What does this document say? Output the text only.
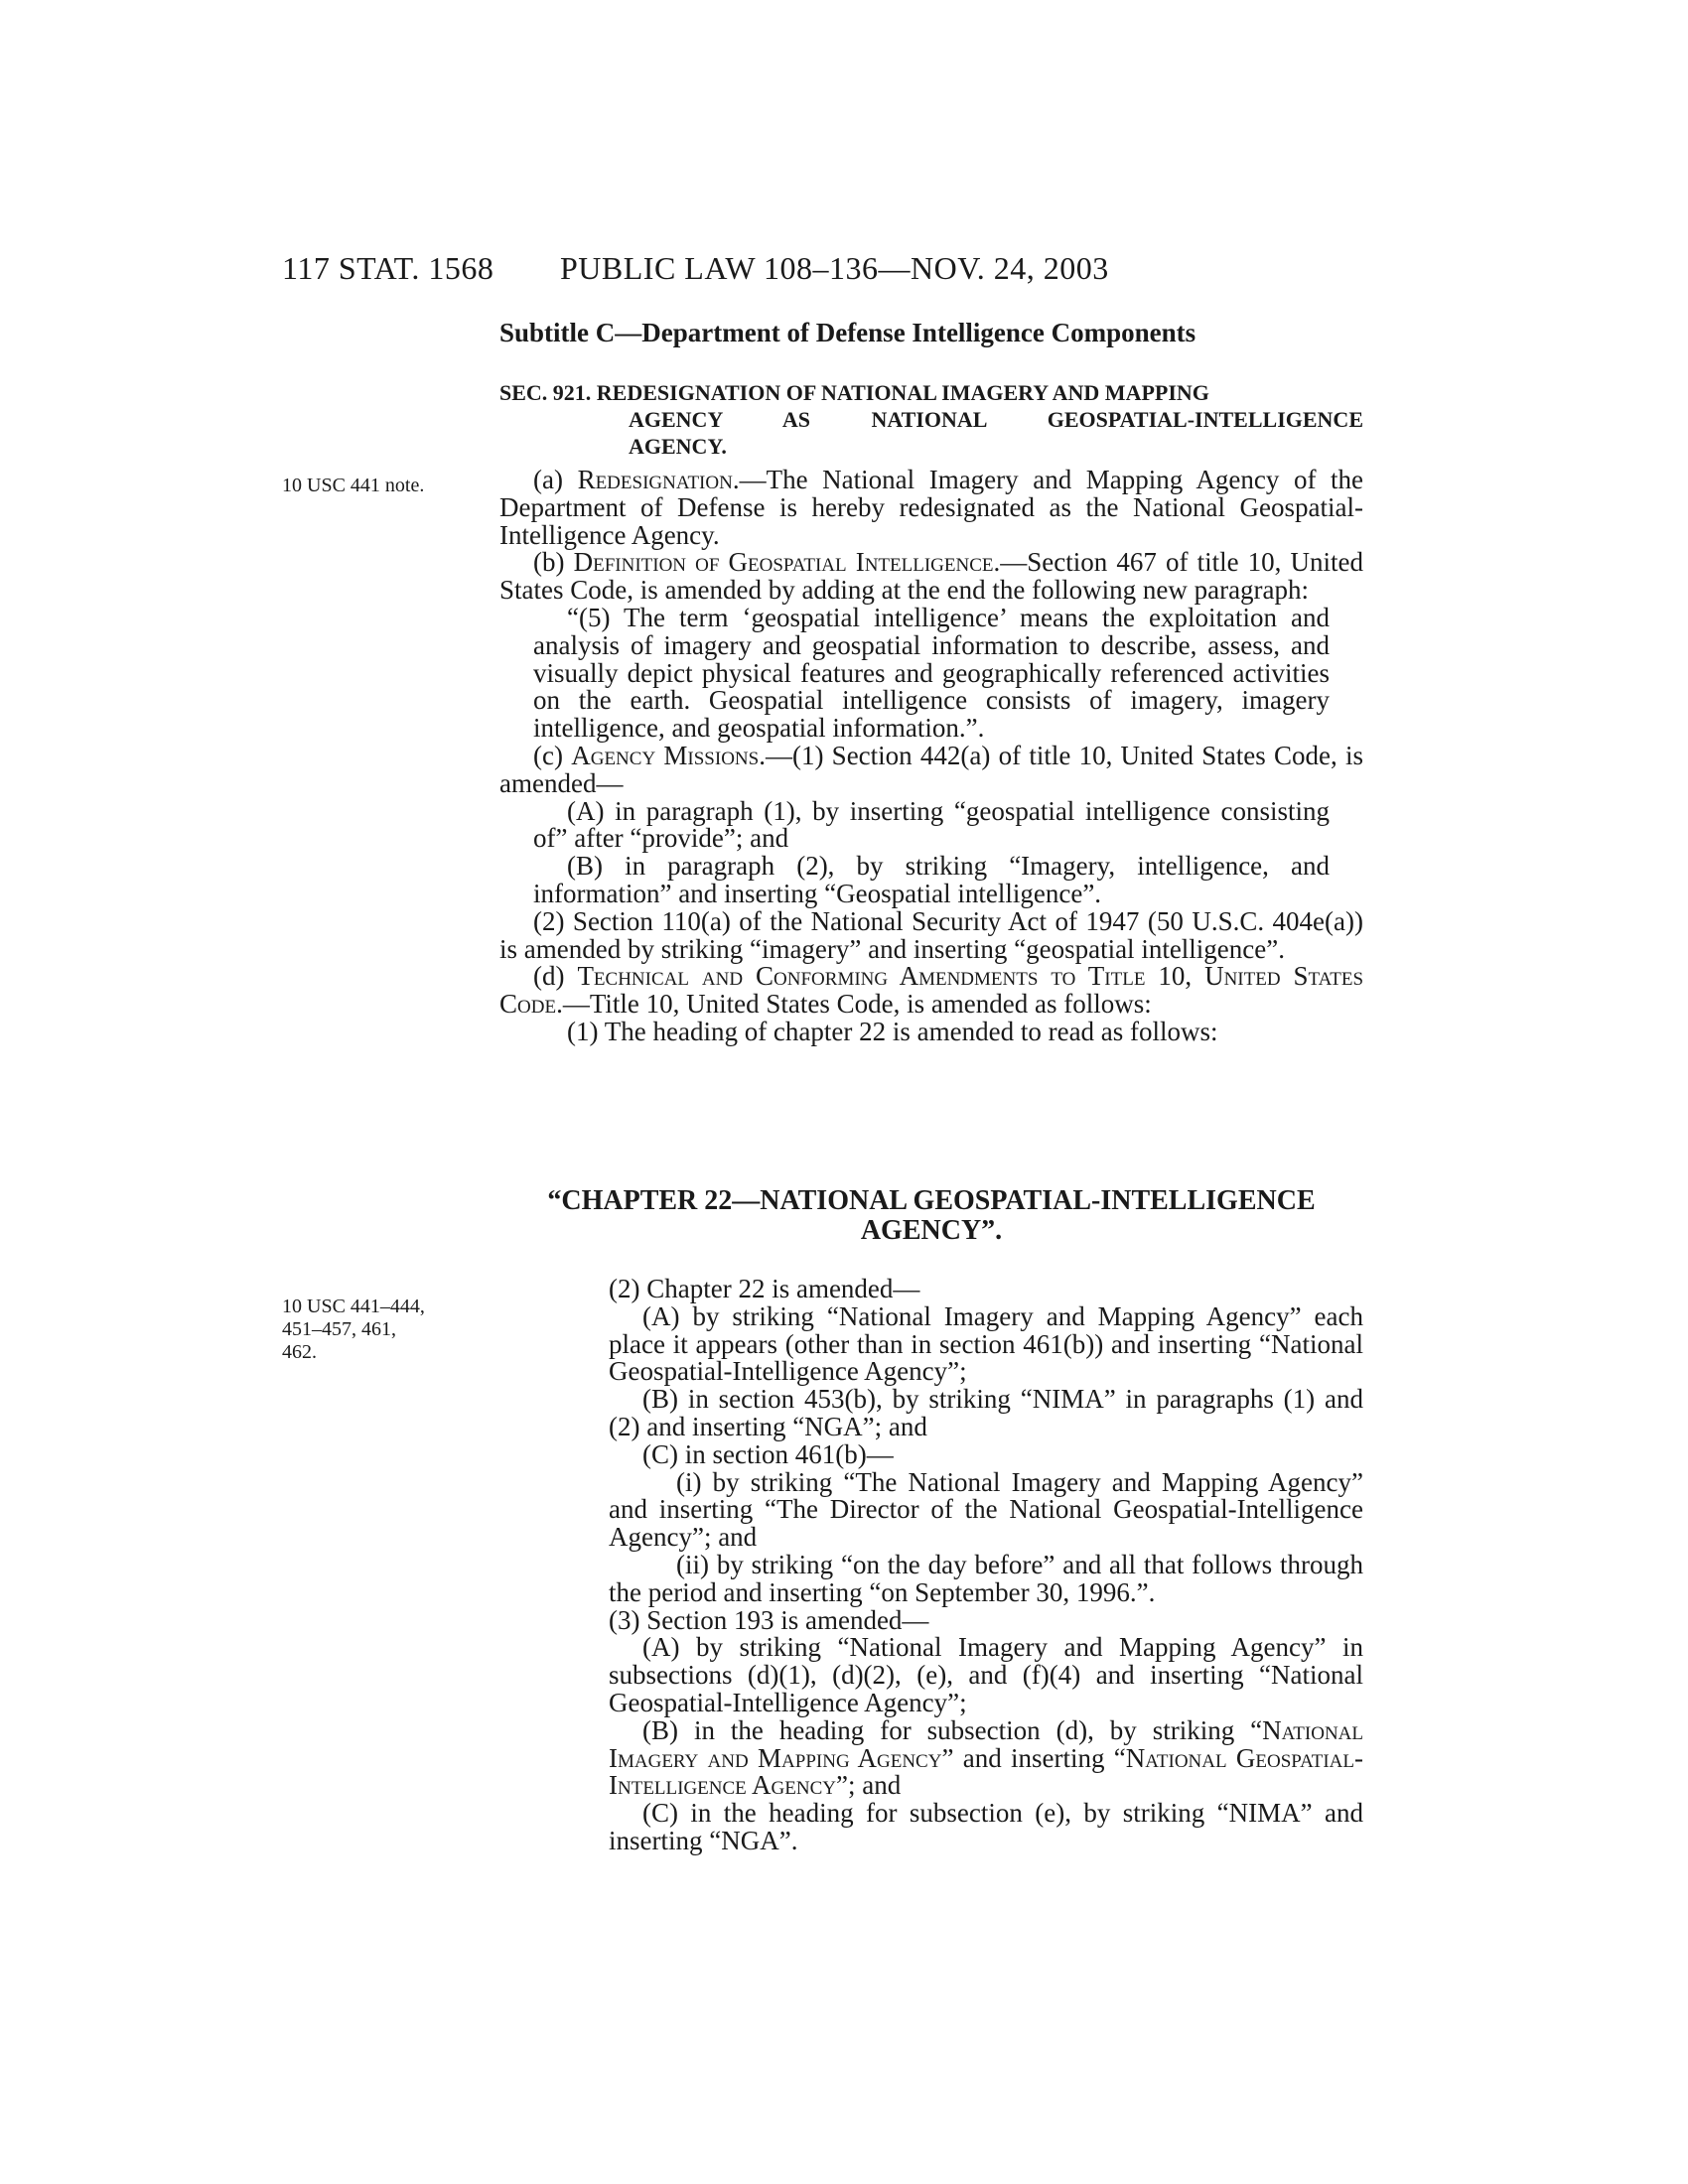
117 STAT. 1568 PUBLIC LAW 108–136—NOV. 24, 2003
Subtitle C—Department of Defense Intelligence Components
SEC. 921. REDESIGNATION OF NATIONAL IMAGERY AND MAPPING
AGENCY AS NATIONAL GEOSPATIAL-INTELLIGENCE
AGENCY.
10 USC 441 note.	(a) Redesignation.—The National Imagery and Mapping Agency of the Department of Defense is hereby redesignated as the National Geospatial-Intelligence Agency.

(b) Definition of Geospatial Intelligence.—Section 467 of title 10, United States Code, is amended by adding at the end the following new paragraph:

“(5) The term ‘geospatial intelligence’ means the exploitation and analysis of imagery and geospatial information to describe, assess, and visually depict physical features and geographically referenced activities on the earth. Geospatial intelligence consists of imagery, imagery intelligence, and geospatial information.”.

(c) Agency Missions.—(1) Section 442(a) of title 10, United States Code, is amended—

(A) in paragraph (1), by inserting “geospatial intelligence consisting of” after “provide”; and

(B) in paragraph (2), by striking “Imagery, intelligence, and information” and inserting “Geospatial intelligence”.

(2) Section 110(a) of the National Security Act of 1947 (50 U.S.C. 404e(a)) is amended by striking “imagery” and inserting “geospatial intelligence”.

(d) Technical and Conforming Amendments to Title 10, United States Code.—Title 10, United States Code, is amended as follows:

(1) The heading of chapter 22 is amended to read as follows:

“CHAPTER 22—NATIONAL GEOSPATIAL-INTELLIGENCE
AGENCY”.
10 USC 441–444,
451–457, 461,
462.

(2) Chapter 22 is amended—

(A) by striking “National Imagery and Mapping Agency” each place it appears (other than in section 461(b)) and inserting “National Geospatial-Intelligence Agency”;

(B) in section 453(b), by striking “NIMA” in paragraphs (1) and (2) and inserting “NGA”; and

(C) in section 461(b)—

(i) by striking “The National Imagery and Mapping Agency” and inserting “The Director of the National Geospatial-Intelligence Agency”; and

(ii) by striking “on the day before” and all that follows through the period and inserting “on September 30, 1996.”.

(3) Section 193 is amended—

(A) by striking “National Imagery and Mapping Agency” in subsections (d)(1), (d)(2), (e), and (f)(4) and inserting “National Geospatial-Intelligence Agency”;

(B) in the heading for subsection (d), by striking “National Imagery and Mapping Agency” and inserting “National Geospatial-Intelligence Agency”; and

(C) in the heading for subsection (e), by striking “NIMA” and inserting “NGA”.
